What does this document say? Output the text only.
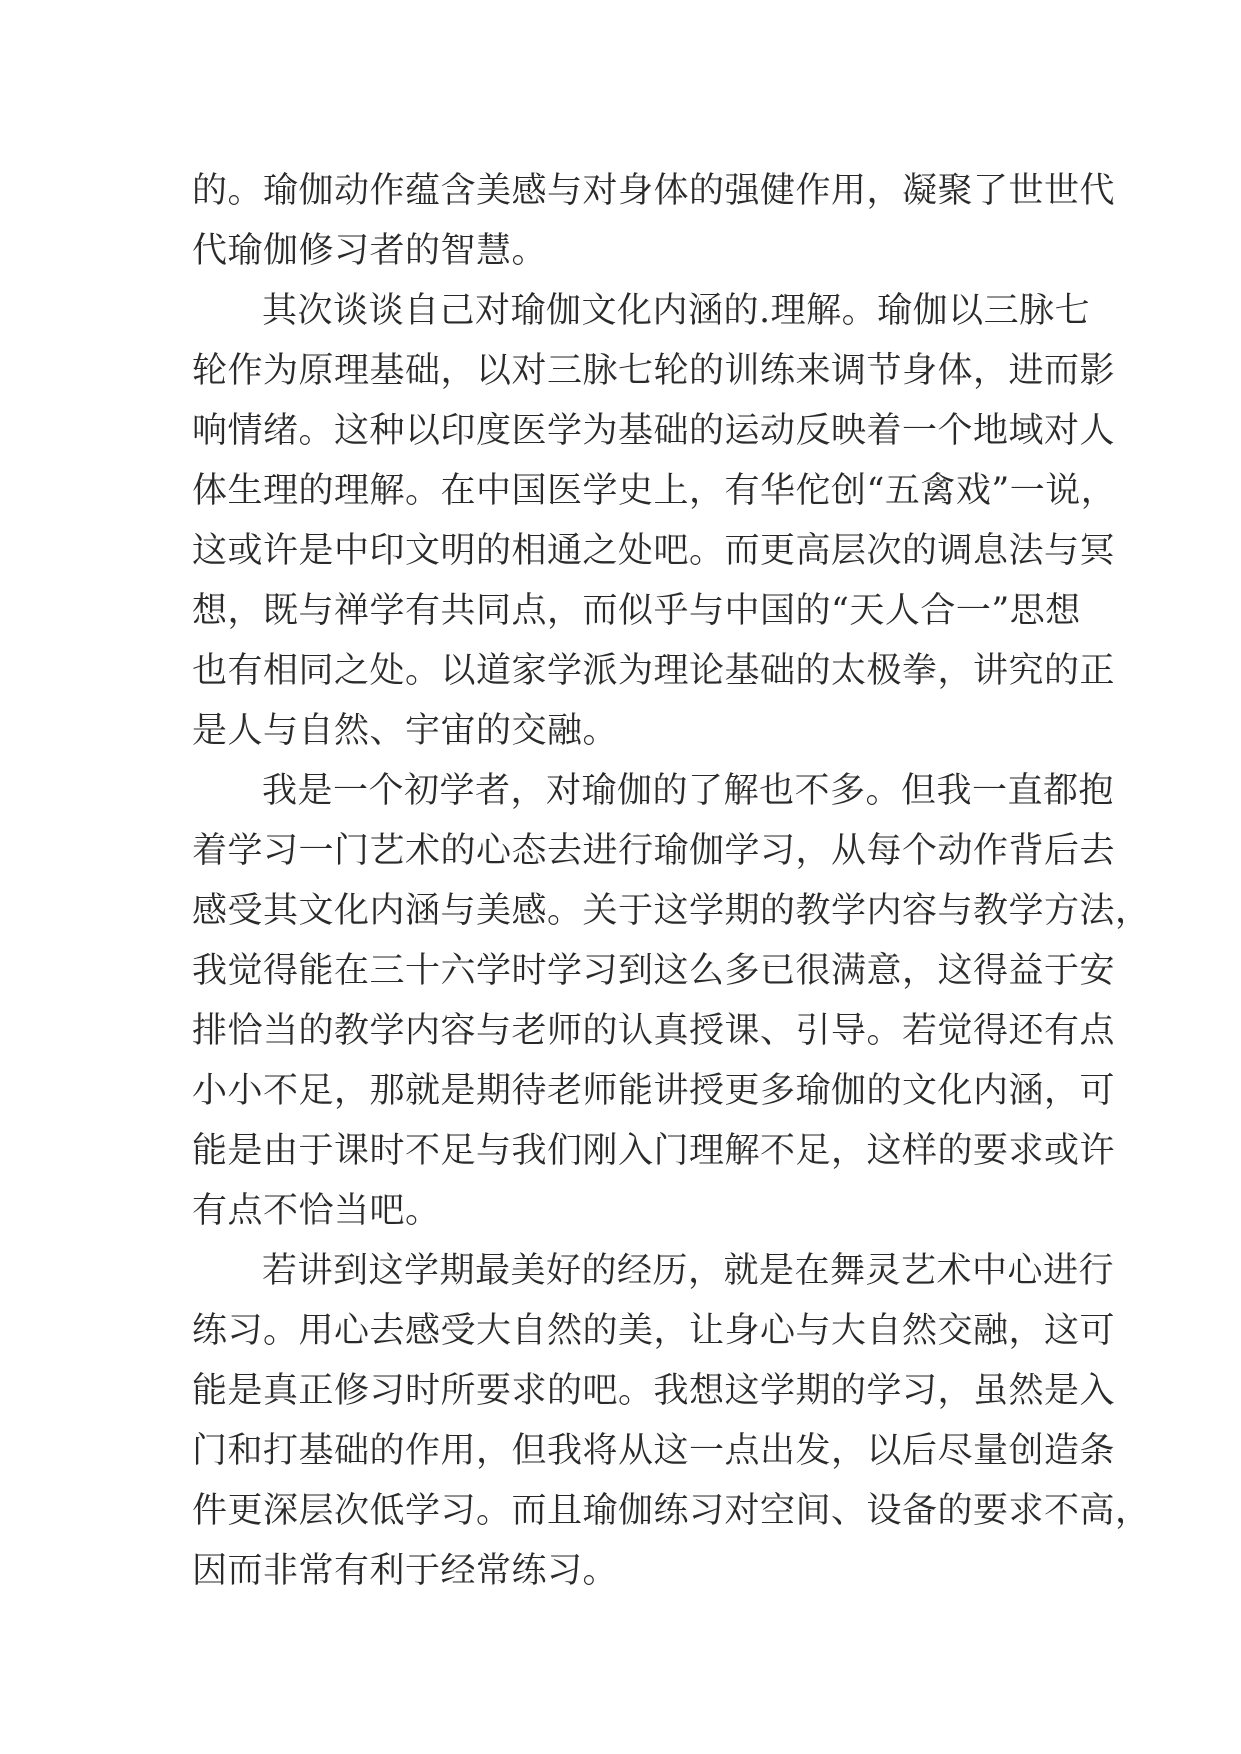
的。瑜伽动作蕴含美感与对身体的强健作用，凝聚了世世代
代瑜伽修习者的智慧。
其次谈谈自己对瑜伽文化内涵的.理解。瑜伽以三脉七
轮作为原理基础，以对三脉七轮的训练来调节身体，进而影
响情绪。这种以印度医学为基础的运动反映着一个地域对人
体生理的理解。在中国医学史上，有华佗创“五禽戏”一说，
这或许是中印文明的相通之处吧。而更高层次的调息法与冥
想，既与禅学有共同点，而似乎与中国的“天人合一”思想
也有相同之处。以道家学派为理论基础的太极拳，讲究的正
是人与自然、宇宙的交融。
我是一个初学者，对瑜伽的了解也不多。但我一直都抱
着学习一门艺术的心态去进行瑜伽学习，从每个动作背后去
感受其文化内涵与美感。关于这学期的教学内容与教学方法，
我觉得能在三十六学时学习到这么多已很满意，这得益于安
排恰当的教学内容与老师的认真授课、引导。若觉得还有点
小小不足，那就是期待老师能讲授更多瑜伽的文化内涵，可
能是由于课时不足与我们刚入门理解不足，这样的要求或许
有点不恰当吧。
若讲到这学期最美好的经历，就是在舞灵艺术中心进行
练习。用心去感受大自然的美，让身心与大自然交融，这可
能是真正修习时所要求的吧。我想这学期的学习，虽然是入
门和打基础的作用，但我将从这一点出发，以后尽量创造条
件更深层次低学习。而且瑜伽练习对空间、设备的要求不高，
因而非常有利于经常练习。
